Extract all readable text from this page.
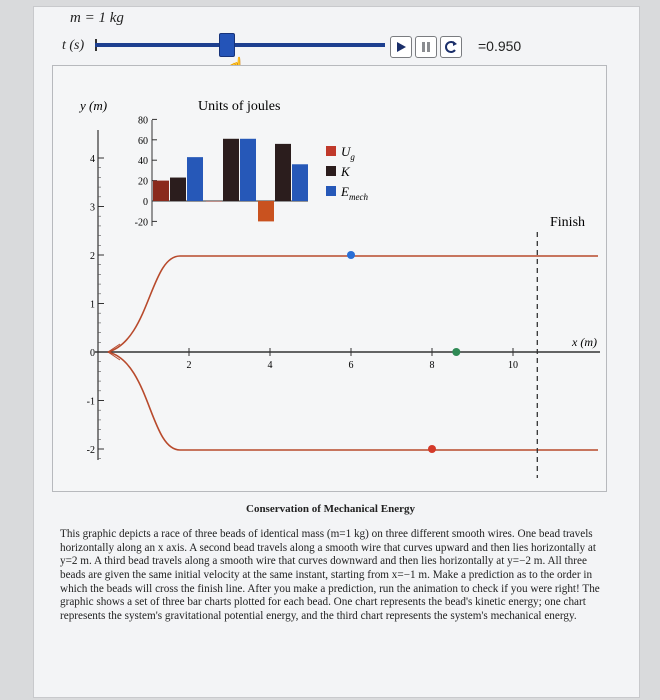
m = 1 kg
t (s)	=0.950
y (m)
4
3
2
1
0
-1
-2
x (m)
2	4	6	8	10
Finish
Units of joules
80
60
40
20
0
-20
$U_g$
K
$E_{mech}$
Conservation of Mechanical Energy
This graphic depicts a race of three beads of identical mass (m=1 kg) on three different smooth wires. One bead travels horizontally along an x axis. A second bead travels along a smooth wire that curves upward and then lies horizontally at y=2 m. A third bead travels along a smooth wire that curves downward and then lies horizontally at y=−2 m. All three beads are given the same initial velocity at the same instant, starting from x=−1 m. Make a prediction as to the order in which the beads will cross the finish line. After you make a prediction, run the animation to check if you were right! The graphic shows a set of three bar charts plotted for each bead. One chart represents the bead's kinetic energy; one chart represents the system's gravitational potential energy, and the third chart represents the system's mechanical energy.
